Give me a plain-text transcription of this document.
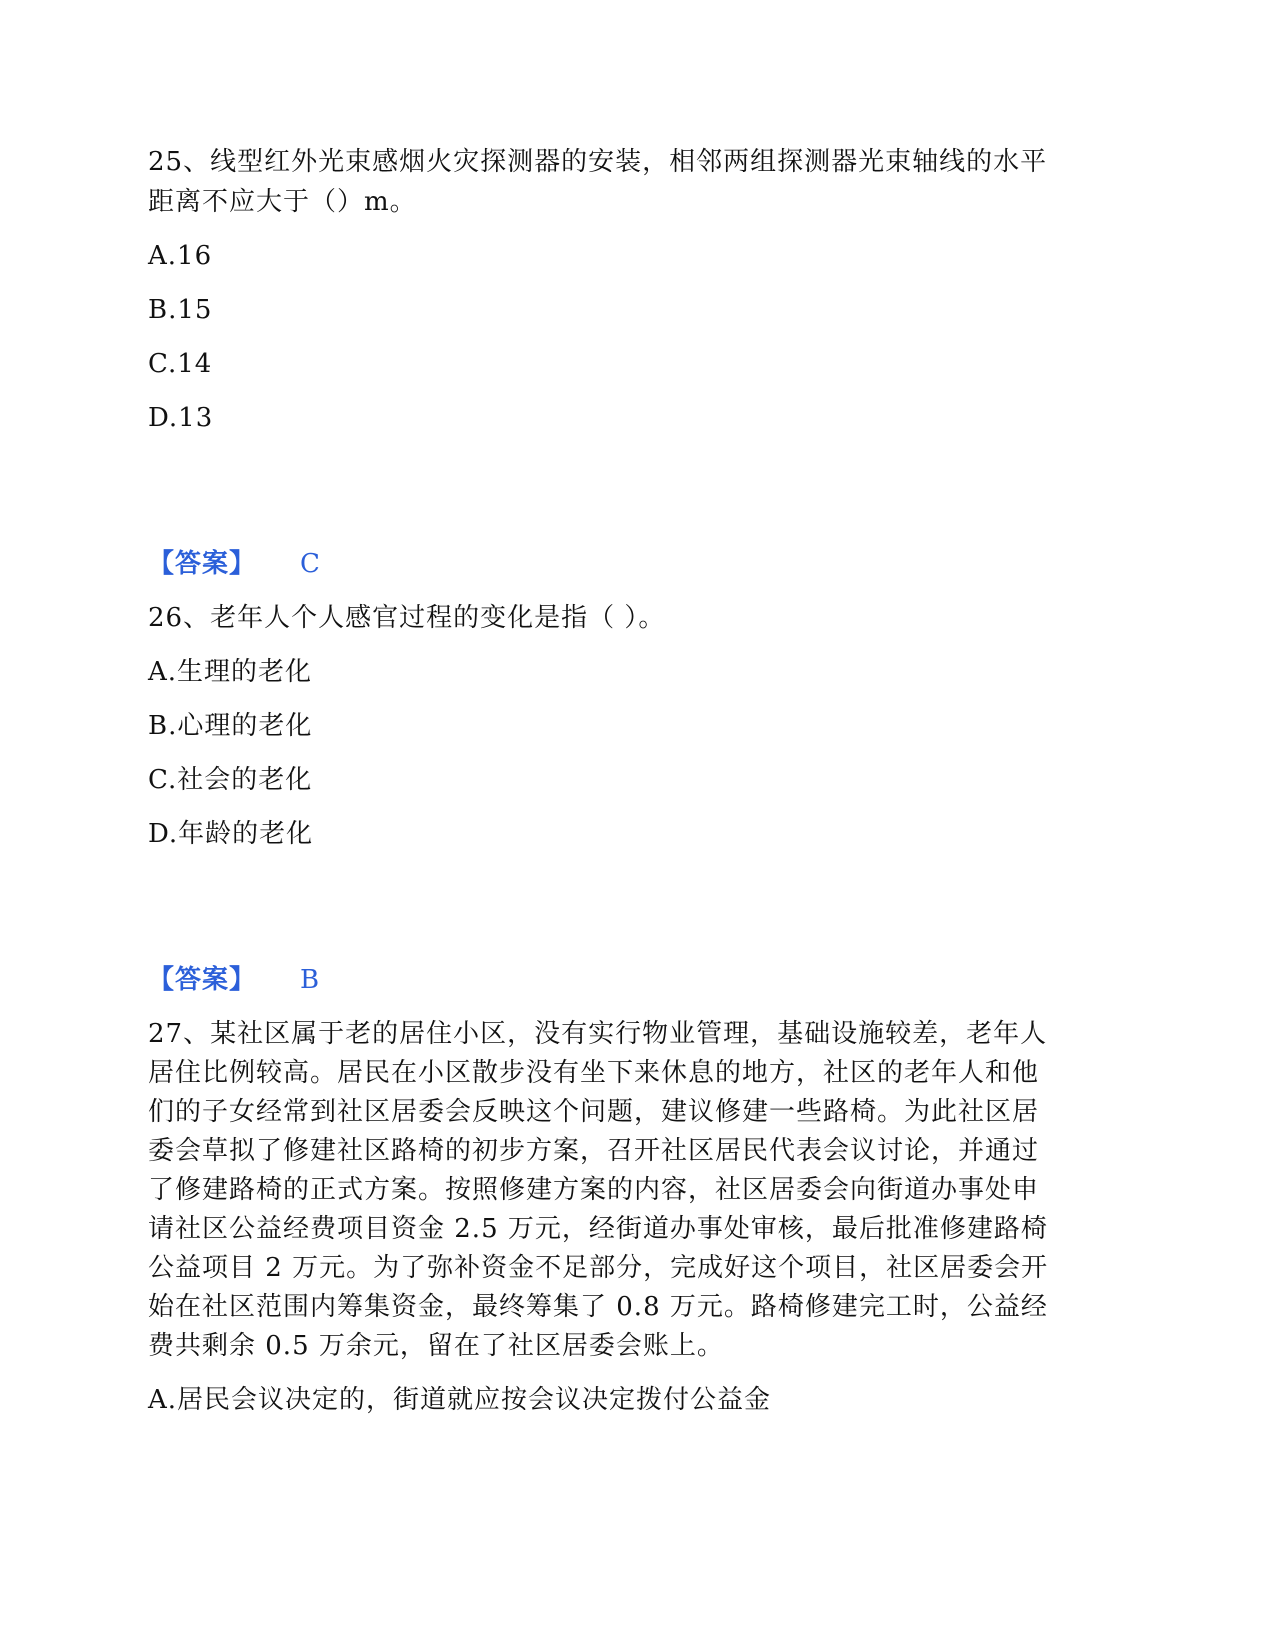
25、线型红外光束感烟火灾探测器的安装，相邻两组探测器光束轴线的水平
距离不应大于（）m。
A.16
B.15
C.14
D.13
【答案】 C
26、老年人个人感官过程的变化是指（ ）。
A.生理的老化
B.心理的老化
C.社会的老化
D.年龄的老化
【答案】 B
27、某社区属于老的居住小区，没有实行物业管理，基础设施较差，老年人
居住比例较高。居民在小区散步没有坐下来休息的地方，社区的老年人和他
们的子女经常到社区居委会反映这个问题，建议修建一些路椅。为此社区居
委会草拟了修建社区路椅的初步方案，召开社区居民代表会议讨论，并通过
了修建路椅的正式方案。按照修建方案的内容，社区居委会向街道办事处申
请社区公益经费项目资金 2.5 万元，经街道办事处审核，最后批准修建路椅
公益项目 2 万元。为了弥补资金不足部分，完成好这个项目，社区居委会开
始在社区范围内筹集资金，最终筹集了 0.8 万元。路椅修建完工时，公益经
费共剩余 0.5 万余元，留在了社区居委会账上。
A.居民会议决定的，街道就应按会议决定拨付公益金
